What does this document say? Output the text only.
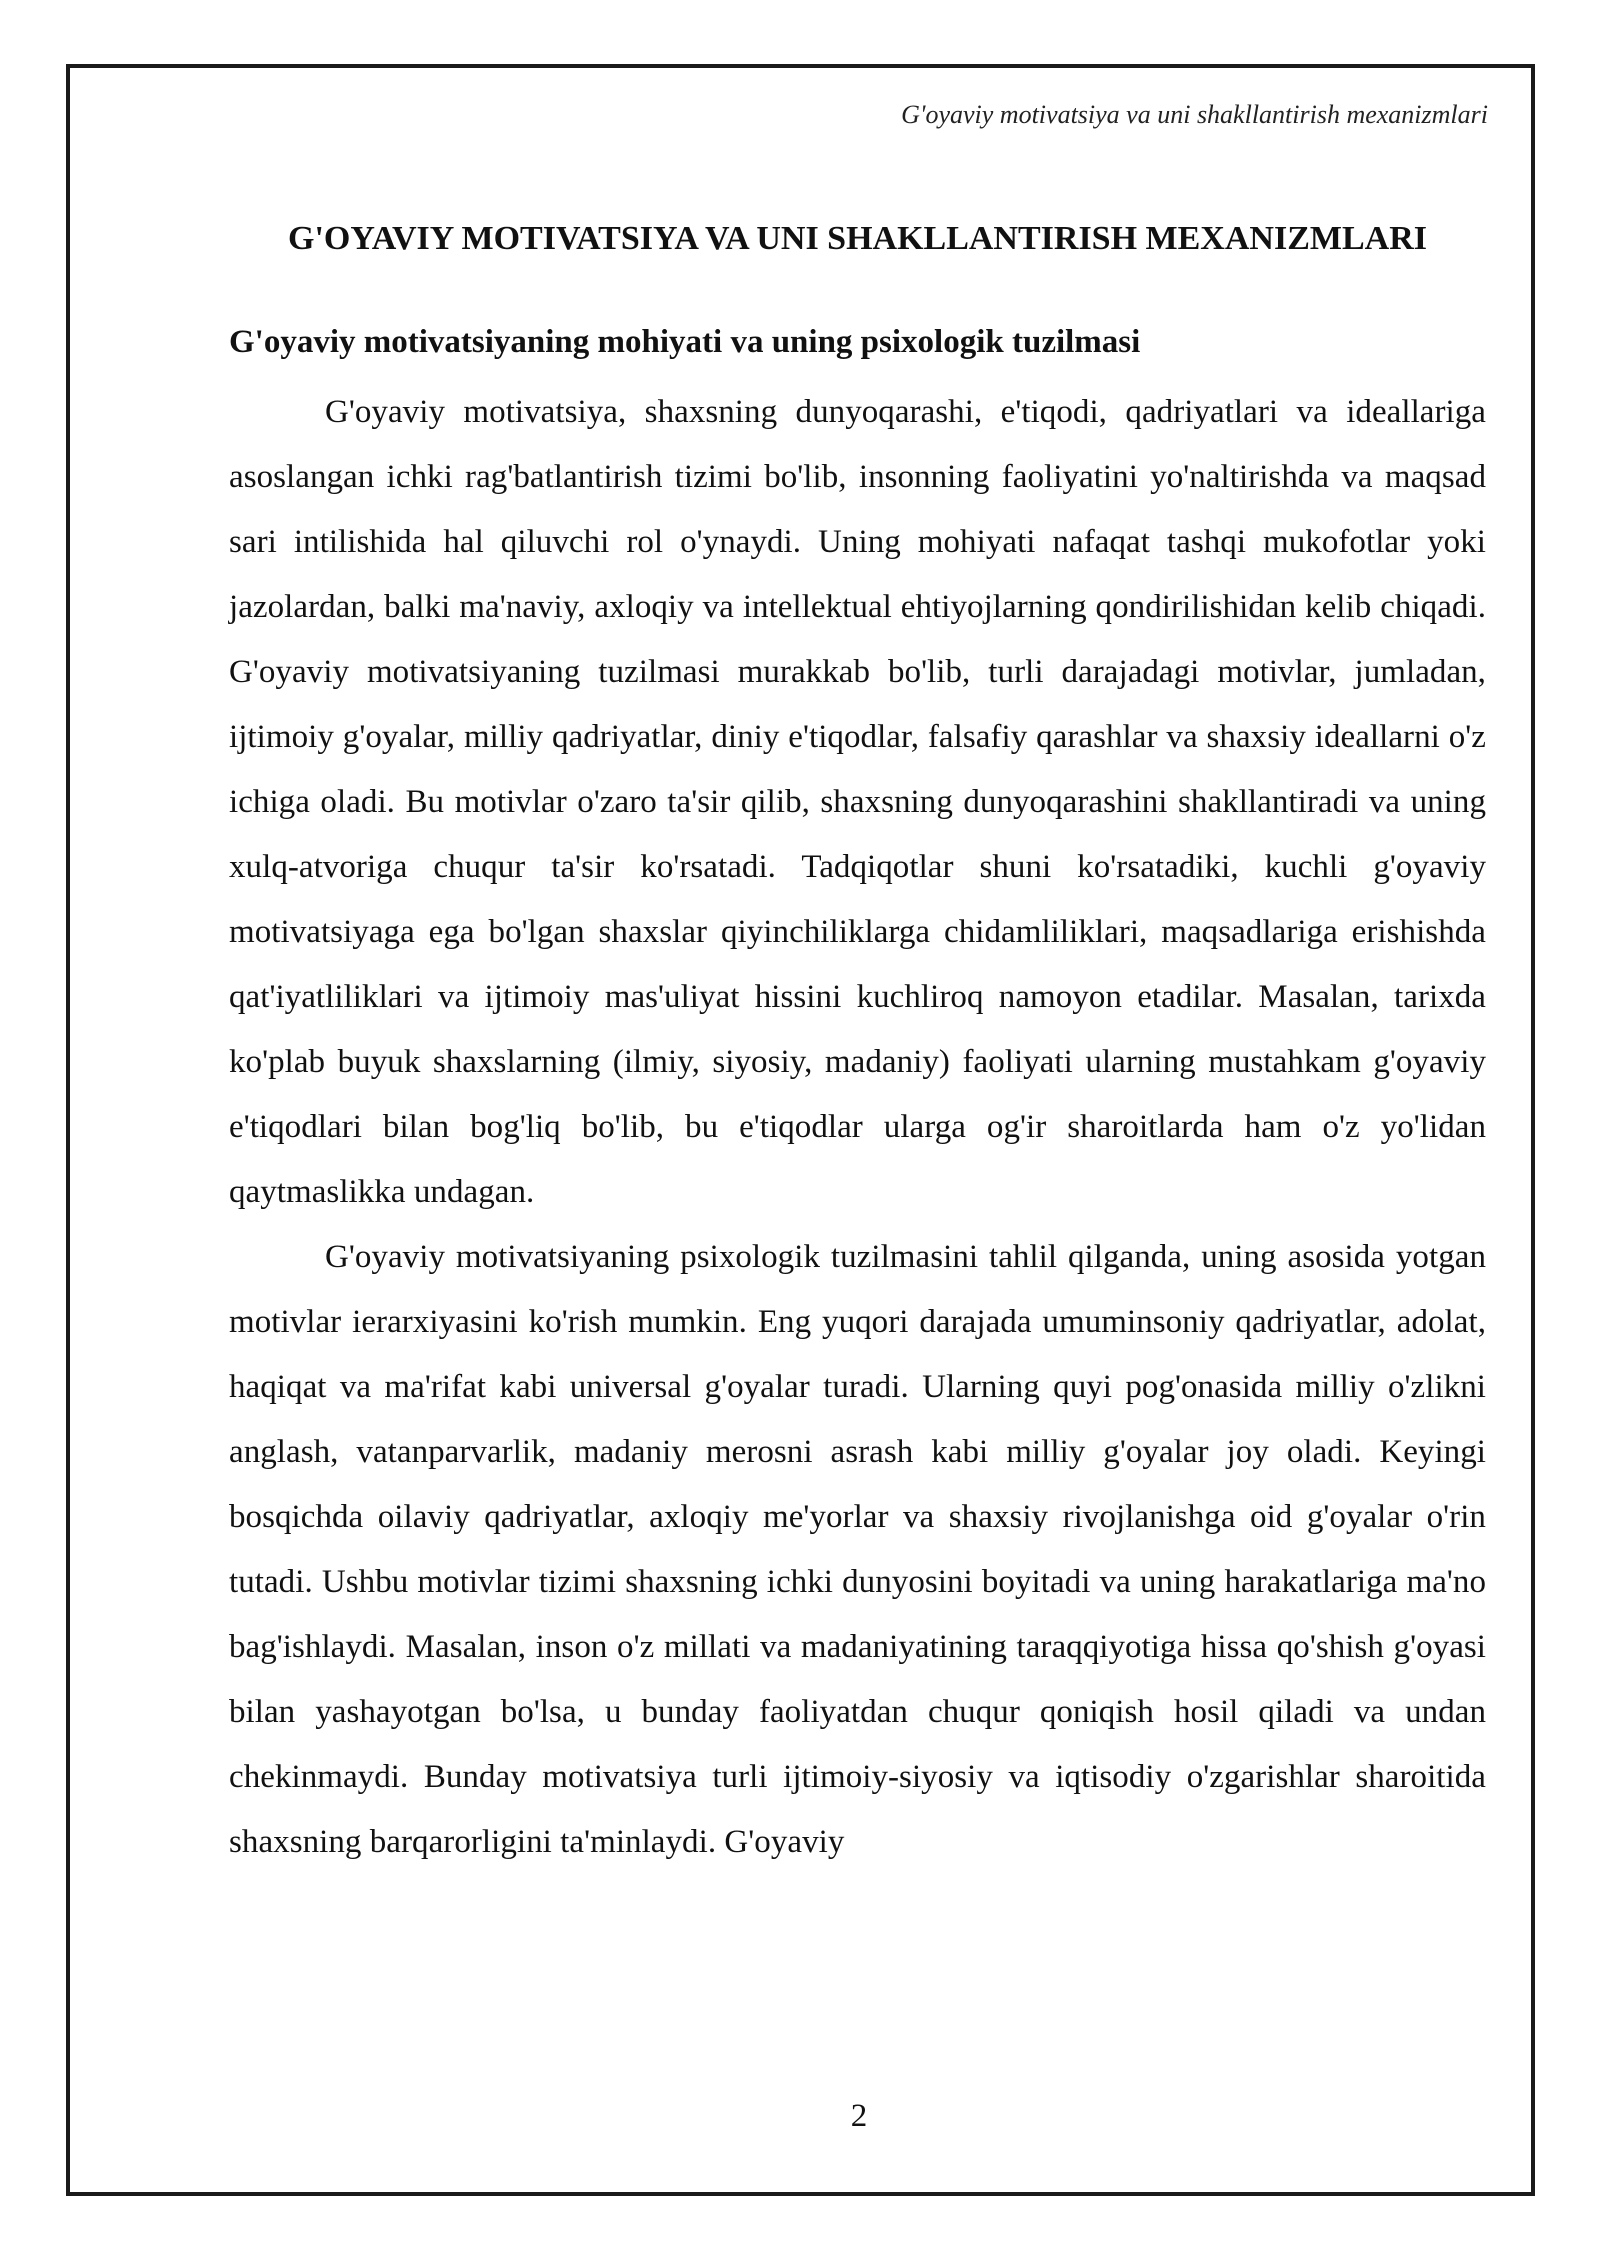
G'oyaviy motivatsiya va uni shakllantirish mexanizmlari
G'OYAVIY MOTIVATSIYA VA UNI SHAKLLANTIRISH MEXANIZMLARI
G'oyaviy motivatsiyaning mohiyati va uning psixologik tuzilmasi

G'oyaviy motivatsiya, shaxsning dunyoqarashi, e'tiqodi, qadriyatlari va ideallariga asoslangan ichki rag'batlantirish tizimi bo'lib, insonning faoliyatini yo'naltirishda va maqsad sari intilishida hal qiluvchi rol o'ynaydi. Uning mohiyati nafaqat tashqi mukofotlar yoki jazolardan, balki ma'naviy, axloqiy va intellektual ehtiyojlarning qondirilishidan kelib chiqadi. G'oyaviy motivatsiyaning tuzilmasi murakkab bo'lib, turli darajadagi motivlar, jumladan, ijtimoiy g'oyalar, milliy qadriyatlar, diniy e'tiqodlar, falsafiy qarashlar va shaxsiy ideallarni o'z ichiga oladi. Bu motivlar o'zaro ta'sir qilib, shaxsning dunyoqarashini shakllantiradi va uning xulq-atvoriga chuqur ta'sir ko'rsatadi. Tadqiqotlar shuni ko'rsatadiki, kuchli g'oyaviy motivatsiyaga ega bo'lgan shaxslar qiyinchiliklarga chidamliliklari, maqsadlariga erishishda qat'iyatliliklari va ijtimoiy mas'uliyat hissini kuchliroq namoyon etadilar. Masalan, tarixda ko'plab buyuk shaxslarning (ilmiy, siyosiy, madaniy) faoliyati ularning mustahkam g'oyaviy e'tiqodlari bilan bog'liq bo'lib, bu e'tiqodlar ularga og'ir sharoitlarda ham o'z yo'lidan qaytmaslikka undagan.

G'oyaviy motivatsiyaning psixologik tuzilmasini tahlil qilganda, uning asosida yotgan motivlar ierarxiyasini ko'rish mumkin. Eng yuqori darajada umuminsoniy qadriyatlar, adolat, haqiqat va ma'rifat kabi universal g'oyalar turadi. Ularning quyi pog'onasida milliy o'zlikni anglash, vatanparvarlik, madaniy merosni asrash kabi milliy g'oyalar joy oladi. Keyingi bosqichda oilaviy qadriyatlar, axloqiy me'yorlar va shaxsiy rivojlanishga oid g'oyalar o'rin tutadi. Ushbu motivlar tizimi shaxsning ichki dunyosini boyitadi va uning harakatlariga ma'no bag'ishlaydi. Masalan, inson o'z millati va madaniyatining taraqqiyotiga hissa qo'shish g'oyasi bilan yashayotgan bo'lsa, u bunday faoliyatdan chuqur qoniqish hosil qiladi va undan chekinmaydi. Bunday motivatsiya turli ijtimoiy-siyosiy va iqtisodiy o'zgarishlar sharoitida shaxsning barqarorligini ta'minlaydi. G'oyaviy

2
